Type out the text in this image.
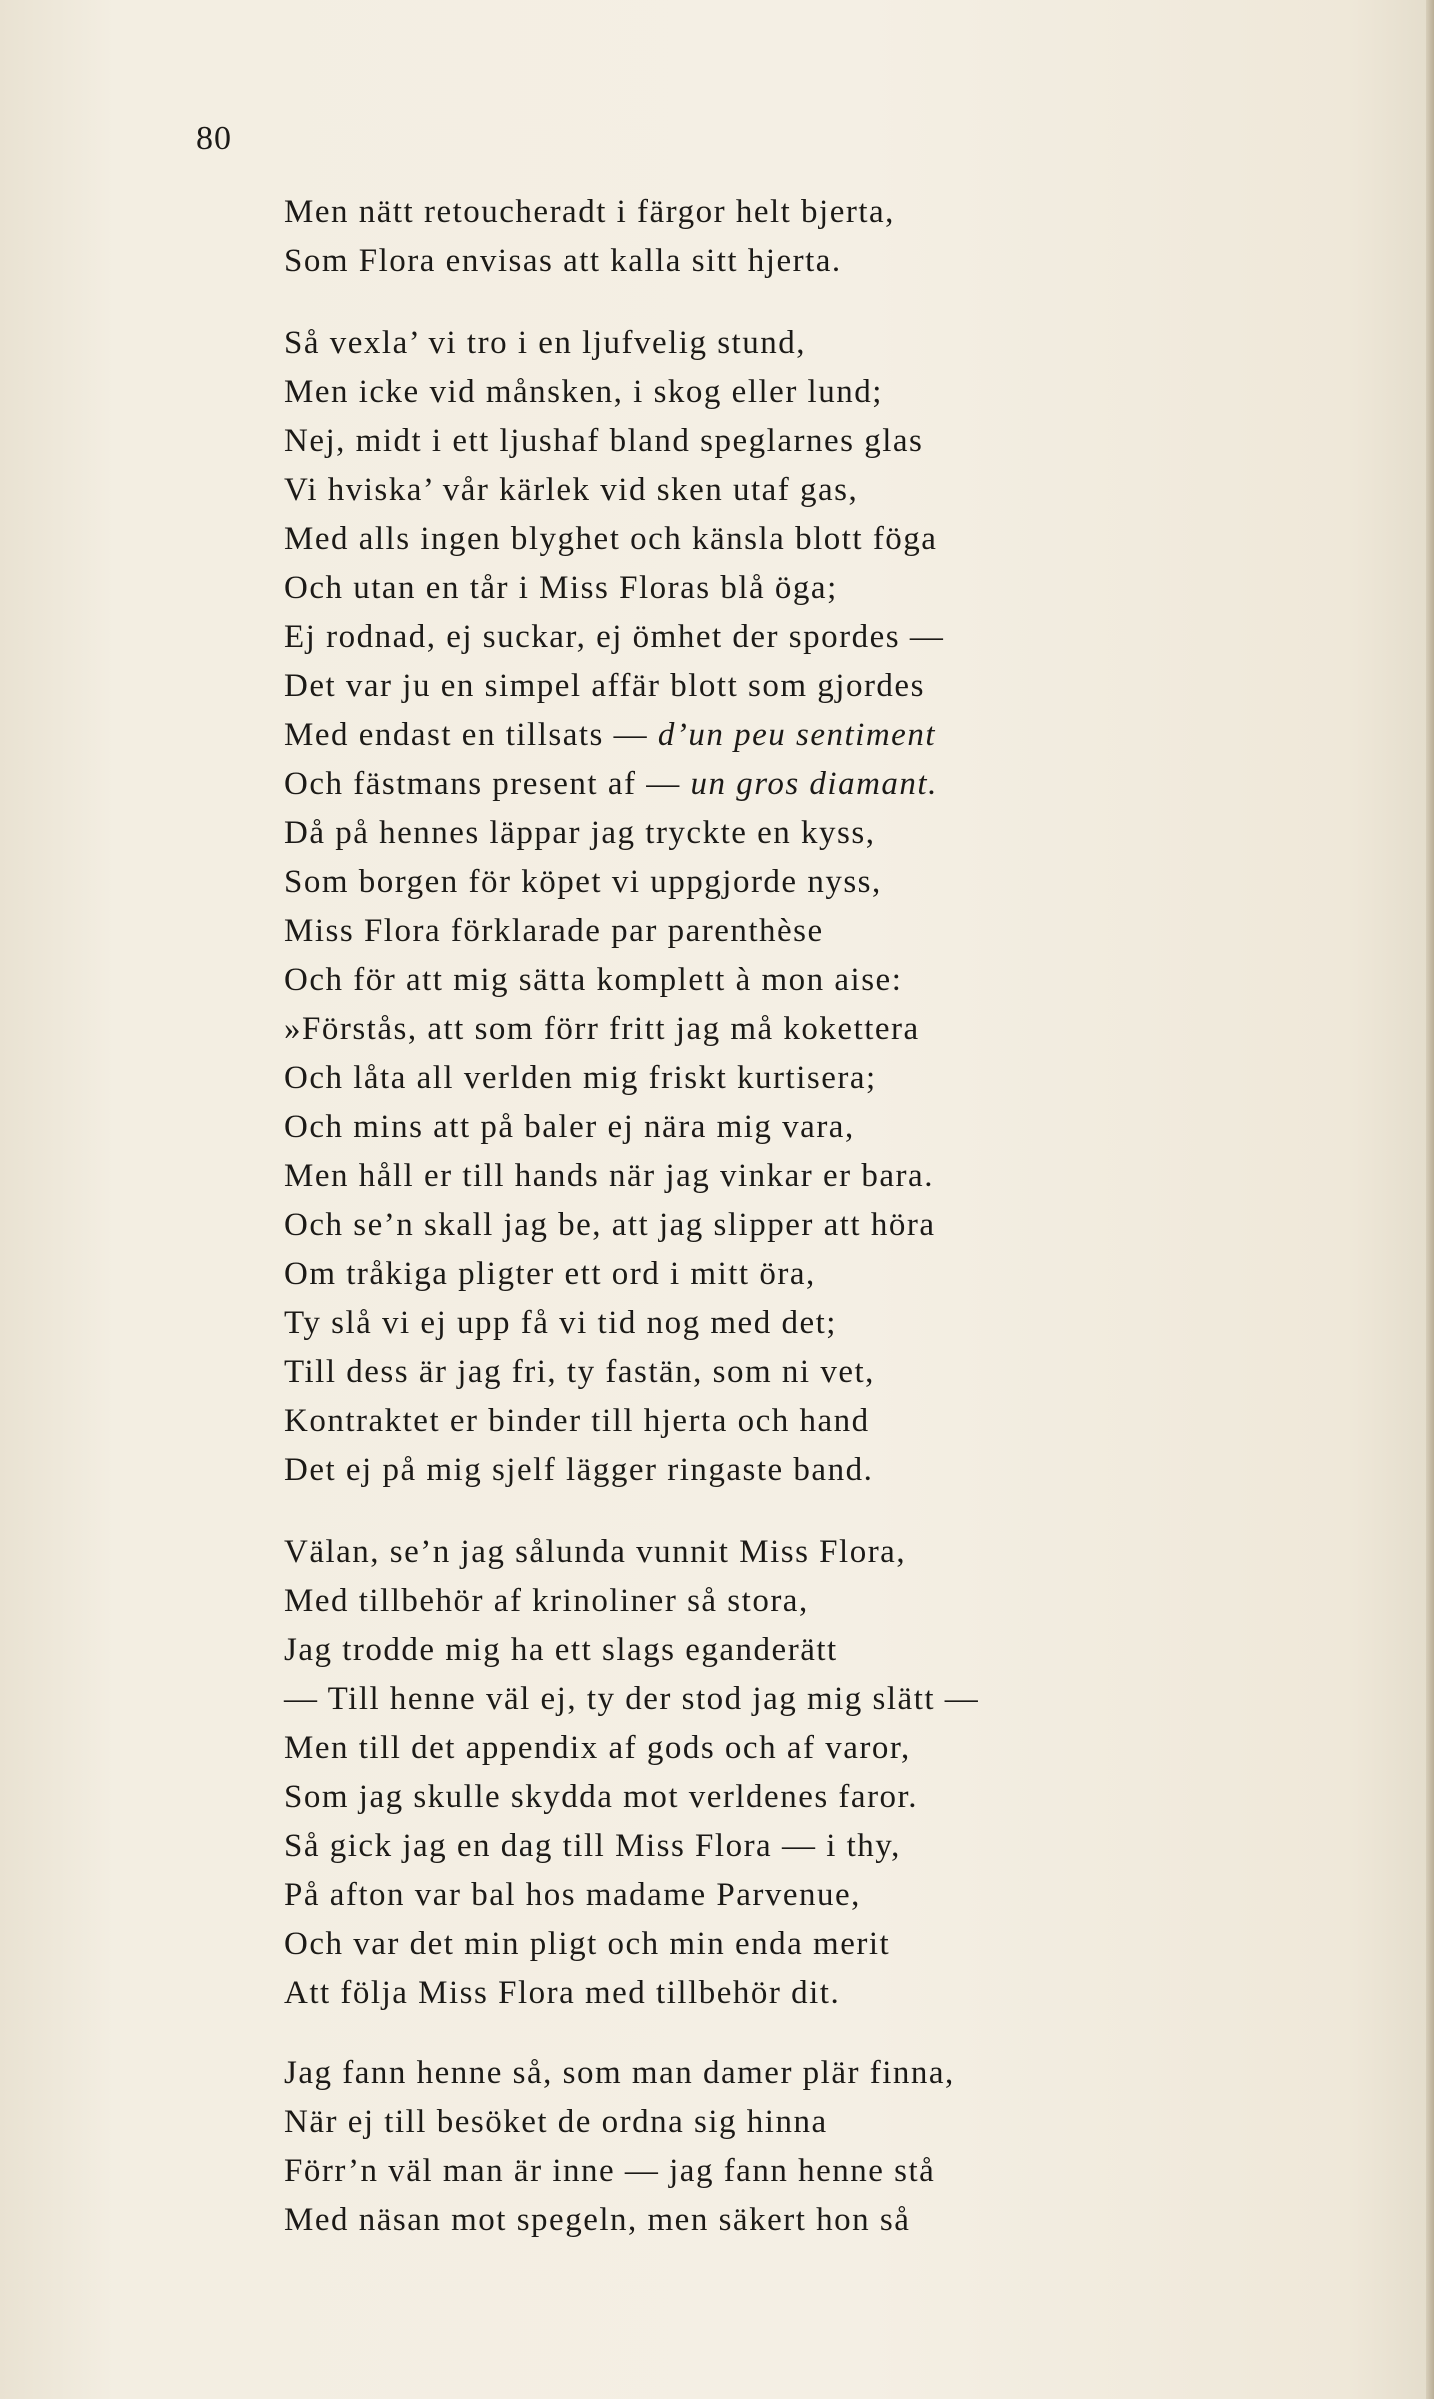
80
Men nätt retoucheradt i färgor helt bjerta,
Som Flora envisas att kalla sitt hjerta.
Så vexla’ vi tro i en ljufvelig stund,
Men icke vid månsken, i skog eller lund;
Nej, midt i ett ljushaf bland speglarnes glas
Vi hviska’ vår kärlek vid sken utaf gas,
Med alls ingen blyghet och känsla blott föga
Och utan en tår i Miss Floras blå öga;
Ej rodnad, ej suckar, ej ömhet der spordes —
Det var ju en simpel affär blott som gjordes
Med endast en tillsats — d’un peu sentiment
Och fästmans present af — un gros diamant.
Då på hennes läppar jag tryckte en kyss,
Som borgen för köpet vi uppgjorde nyss,
Miss Flora förklarade par parenthèse
Och för att mig sätta komplett à mon aise:
»Förstås, att som förr fritt jag må kokettera
Och låta all verlden mig friskt kurtisera;
Och mins att på baler ej nära mig vara,
Men håll er till hands när jag vinkar er bara.
Och se’n skall jag be, att jag slipper att höra
Om tråkiga pligter ett ord i mitt öra,
Ty slå vi ej upp få vi tid nog med det;
Till dess är jag fri, ty fastän, som ni vet,
Kontraktet er binder till hjerta och hand
Det ej på mig sjelf lägger ringaste band.
Välan, se’n jag sålunda vunnit Miss Flora,
Med tillbehör af krinoliner så stora,
Jag trodde mig ha ett slags eganderätt
— Till henne väl ej, ty der stod jag mig slätt —
Men till det appendix af gods och af varor,
Som jag skulle skydda mot verldenes faror.
Så gick jag en dag till Miss Flora — i thy,
På afton var bal hos madame Parvenue,
Och var det min pligt och min enda merit
Att följa Miss Flora med tillbehör dit.
Jag fann henne så, som man damer plär finna,
När ej till besöket de ordna sig hinna
Förr’n väl man är inne — jag fann henne stå
Med näsan mot spegeln, men säkert hon så
